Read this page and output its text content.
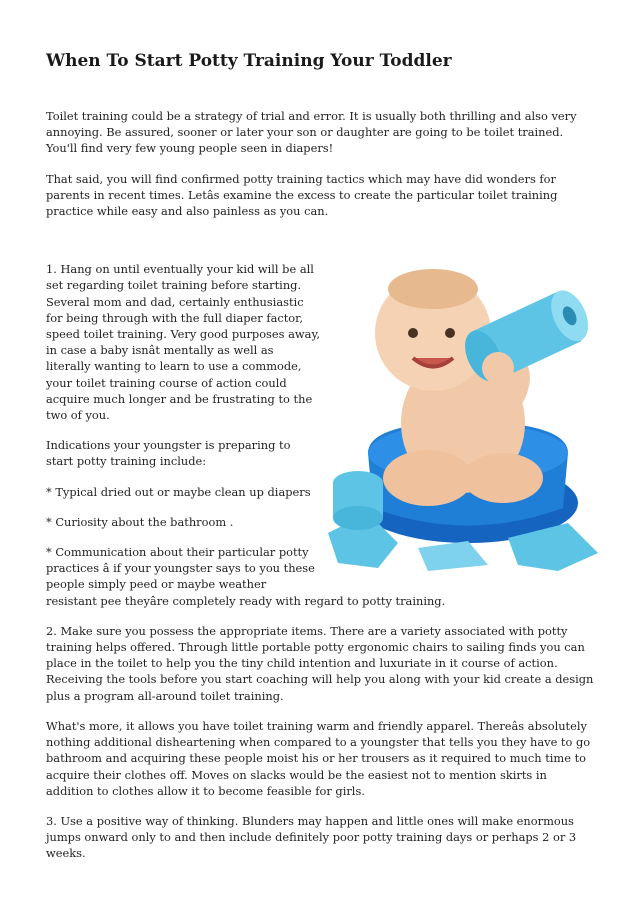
When To Start Potty Training Your Toddler

Toilet training could be a strategy of trial and error. It is usually both thrilling and also very annoying. Be assured, sooner or later your son or daughter are going to be toilet trained. You'll find very few young people seen in diapers!

That said, you will find confirmed potty training tactics which may have did wonders for parents in recent times. Letâs examine the excess to create the particular toilet training practice while easy and also painless as you can.

1. Hang on until eventually your kid will be all set regarding toilet training before starting. Several mom and dad, certainly enthusiastic for being through with the full diaper factor, speed toilet training. Very good purposes away, in case a baby isnât mentally as well as literally wanting to learn to use a commode, your toilet training course of action could acquire much longer and be frustrating to the two of you.

Indications your youngster is preparing to start potty training include:

* Typical dried out or maybe clean up diapers

* Curiosity about the bathroom .

* Communication about their particular potty practices â if your youngster says to you these people simply peed or maybe weather resistant pee theyâre completely ready with regard to potty training.

2. Make sure you possess the appropriate items. There are a variety associated with potty training helps offered. Through little portable potty ergonomic chairs to sailing finds you can place in the toilet to help you the tiny child intention and luxuriate in it course of action. Receiving the tools before you start coaching will help you along with your kid create a design plus a program all-around toilet training.

What's more, it allows you have toilet training warm and friendly apparel. Thereâs absolutely nothing additional disheartening when compared to a youngster that tells you they have to go bathroom and acquiring these people moist his or her trousers as it required to much time to acquire their clothes off. Moves on slacks would be the easiest not to mention skirts in addition to clothes allow it to become feasible for girls.

3. Use a positive way of thinking. Blunders may happen and little ones will make enormous jumps onward only to and then include definitely poor potty training days or perhaps 2 or 3 weeks.
